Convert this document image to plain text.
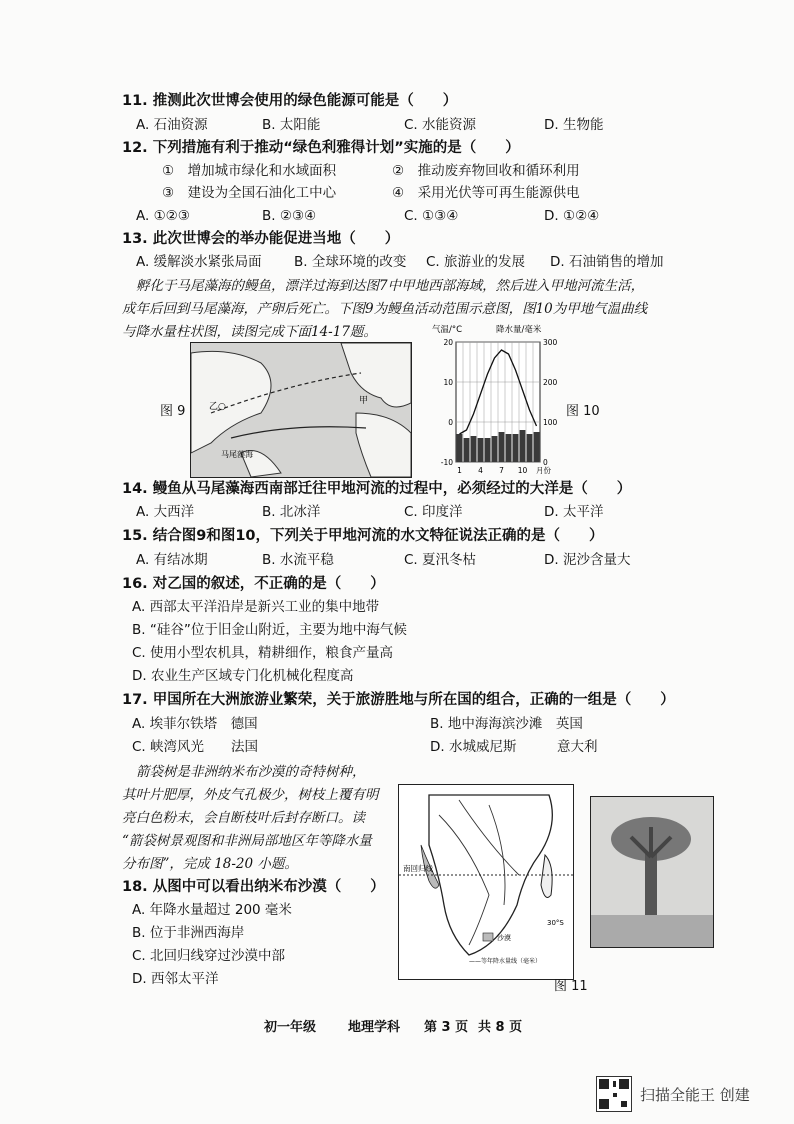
11. 推测此次世博会使用的绿色能源可能是（　　）
A. 石油资源	B. 太阳能	C. 水能资源	D. 生物能
12. 下列措施有利于推动“绿色利雅得计划”实施的是（　　）
①　增加城市绿化和水域面积	②　推动废弃物回收和循环利用
③　建设为全国石油化工中心	④　采用光伏等可再生能源供电
A. ①②③	B. ②③④	C. ①③④	D. ①②④
13. 此次世博会的举办能促进当地（　　）
A. 缓解淡水紧张局面 B. 全球环境的改变 C. 旅游业的发展 D. 石油销售的增加
孵化于马尾藻海的鳗鱼，漂洋过海到达图7中甲地西部海域，然后进入甲地河流生活，
成年后回到马尾藻海，产卵后死亡。下图9为鳗鱼活动范围示意图，图10为甲地气温曲线
与降水量柱状图，读图完成下面14-17题。
图 9	乙○
马尾藻海
甲
图 10
气温/°C	降水量/毫米
20
10
0
-10
300
200
100
0
1 4 7 10 月份
14. 鳗鱼从马尾藻海西南部迁往甲地河流的过程中，必须经过的大洋是（　　）
A. 大西洋	B. 北冰洋	C. 印度洋	D. 太平洋
15. 结合图9和图10，下列关于甲地河流的水文特征说法正确的是（　　）
A. 有结冰期	B. 水流平稳	C. 夏汛冬枯	D. 泥沙含量大
16. 对乙国的叙述，不正确的是（　　）
A. 西部太平洋沿岸是新兴工业的集中地带
B. “硅谷”位于旧金山附近，主要为地中海气候
C. 使用小型农机具，精耕细作，粮食产量高
D. 农业生产区域专门化机械化程度高
17. 甲国所在大洲旅游业繁荣，关于旅游胜地与所在国的组合，正确的一组是（　　）
A. 埃菲尔铁塔　德国	B. 地中海海滨沙滩　英国
C. 峡湾风光　　法国	D. 水城威尼斯　　　意大利
箭袋树是非洲纳米布沙漠的奇特树种，
其叶片肥厚，外皮气孔极少，树枝上覆有明
亮白色粉末，会自断枝叶后封存断口。读
“箭袋树景观图和非洲局部地区年等降水量
分布图”，完成 18-20 小题。
18. 从图中可以看出纳米布沙漠（　　）
A. 年降水量超过 200 毫米
B. 位于非洲西海岸
C. 北回归线穿过沙漠中部
D. 西邻太平洋
南回归线
30°S
沙漠
——等年降水量线（毫米）
图 11
初一年级 地理学科 第 3 页 共 8 页
扫描全能王 创建
